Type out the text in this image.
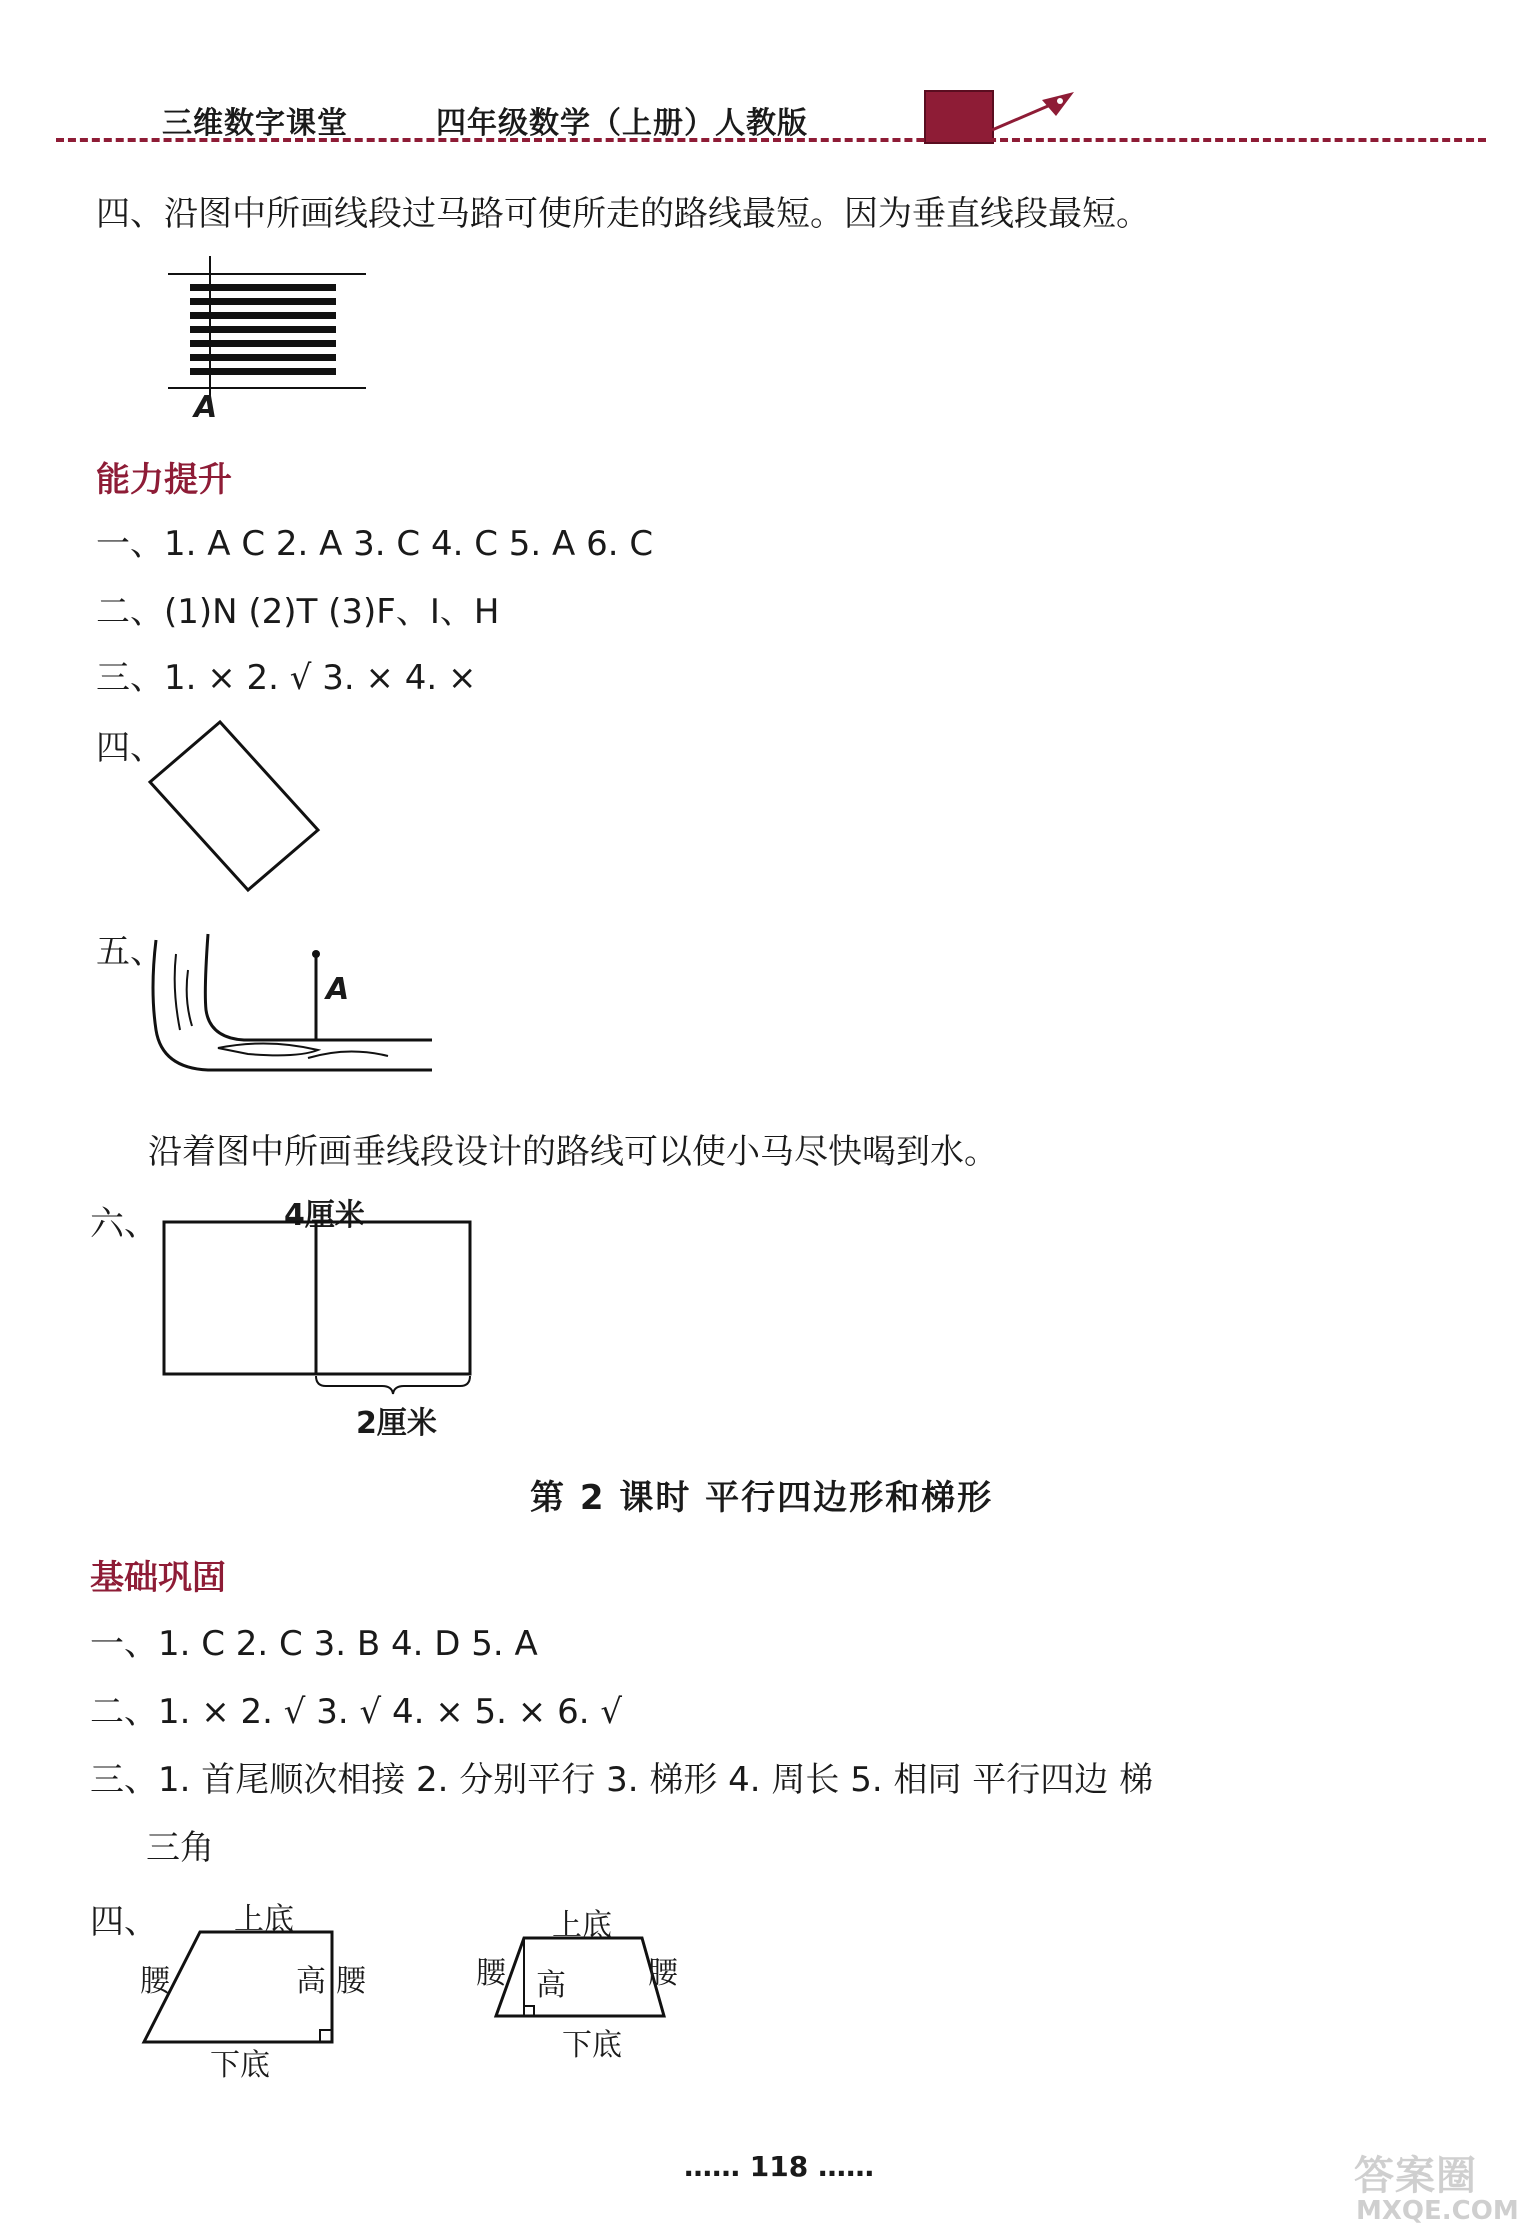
三维数字课堂	四年级数学（上册）人教版
四、沿图中所画线段过马路可使所走的路线最短。因为垂直线段最短。
A
能力提升
一、1. A C 2. A 3. C 4. C 5. A 6. C
二、(1)N (2)T (3)F、I、H
三、1. × 2. √ 3. × 4. ×
四、
五、
A
沿着图中所画垂线段设计的路线可以使小马尽快喝到水。
六、	4厘米
2厘米
第 2 课时 平行四边形和梯形
基础巩固
一、1. C 2. C 3. B 4. D 5. A
二、1. × 2. √ 3. √ 4. × 5. × 6. √
三、1. 首尾顺次相接 2. 分别平行 3. 梯形 4. 周长 5. 相同 平行四边 梯
三角
四、	上底
腰	高 腰
下底
上底
腰 高	腰
下底
…… 118 ……	答案圈
MXQE.COM
